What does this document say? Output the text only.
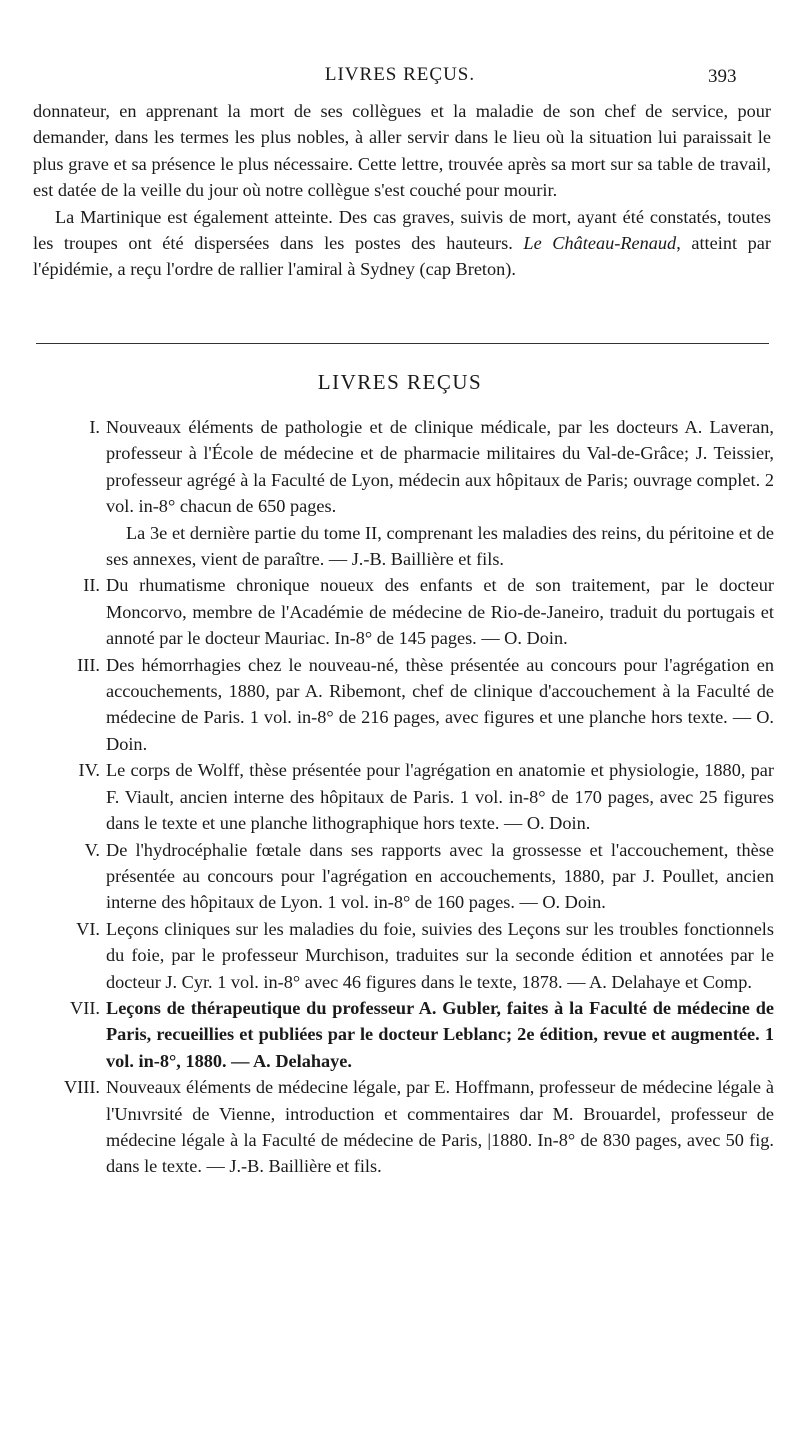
LIVRES REÇUS.	393

donnateur, en apprenant la mort de ses collègues et la maladie de son chef de service, pour demander, dans les termes les plus nobles, à aller servir dans le lieu où la situation lui paraissait le plus grave et sa présence le plus nécessaire. Cette lettre, trouvée après sa mort sur sa table de travail, est datée de la veille du jour où notre collègue s'est couché pour mourir.

La Martinique est également atteinte. Des cas graves, suivis de mort, ayant été constatés, toutes les troupes ont été dispersées dans les postes des hauteurs. Le Château-Renaud, atteint par l'épidémie, a reçu l'ordre de rallier l'amiral à Sydney (cap Breton).

LIVRES REÇUS
I. Nouveaux éléments de pathologie et de clinique médicale, par les docteurs A. Laveran, professeur à l'École de médecine et de pharmacie militaires du Val-de-Grâce; J. Teissier, professeur agrégé à la Faculté de Lyon, médecin aux hôpitaux de Paris; ouvrage complet. 2 vol. in-8° chacun de 650 pages.

La 3e et dernière partie du tome II, comprenant les maladies des reins, du péritoine et de ses annexes, vient de paraître. — J.-B. Baillière et fils.

II. Du rhumatisme chronique noueux des enfants et de son traitement, par le docteur Moncorvo, membre de l'Académie de médecine de Rio-de-Janeiro, traduit du portugais et annoté par le docteur Mauriac. In-8° de 145 pages. — O. Doin.

III. Des hémorrhagies chez le nouveau-né, thèse présentée au concours pour l'agrégation en accouchements, 1880, par A. Ribemont, chef de clinique d'accouchement à la Faculté de médecine de Paris. 1 vol. in-8° de 216 pages, avec figures et une planche hors texte. — O. Doin.

IV. Le corps de Wolff, thèse présentée pour l'agrégation en anatomie et physiologie, 1880, par F. Viault, ancien interne des hôpitaux de Paris. 1 vol. in-8° de 170 pages, avec 25 figures dans le texte et une planche lithographique hors texte. — O. Doin.

V. De l'hydrocéphalie fœtale dans ses rapports avec la grossesse et l'accouchement, thèse présentée au concours pour l'agrégation en accouchements, 1880, par J. Poullet, ancien interne des hôpitaux de Lyon. 1 vol. in-8° de 160 pages. — O. Doin.

VI. Leçons cliniques sur les maladies du foie, suivies des Leçons sur les troubles fonctionnels du foie, par le professeur Murchison, traduites sur la seconde édition et annotées par le docteur J. Cyr. 1 vol. in-8° avec 46 figures dans le texte, 1878. — A. Delahaye et Comp.

VII. Leçons de thérapeutique du professeur A. Gubler, faites à la Faculté de médecine de Paris, recueillies et publiées par le docteur Leblanc; 2e édition, revue et augmentée. 1 vol. in-8°, 1880. — A. Delahaye.

VIII. Nouveaux éléments de médecine légale, par E. Hoffmann, professeur de médecine légale à l'Unıvrsité de Vienne, introduction et commentaires dar M. Brouardel, professeur de médecine légale à la Faculté de médecine de Paris, |1880. In-8° de 830 pages, avec 50 fig. dans le texte. — J.-B. Baillière et fils.
